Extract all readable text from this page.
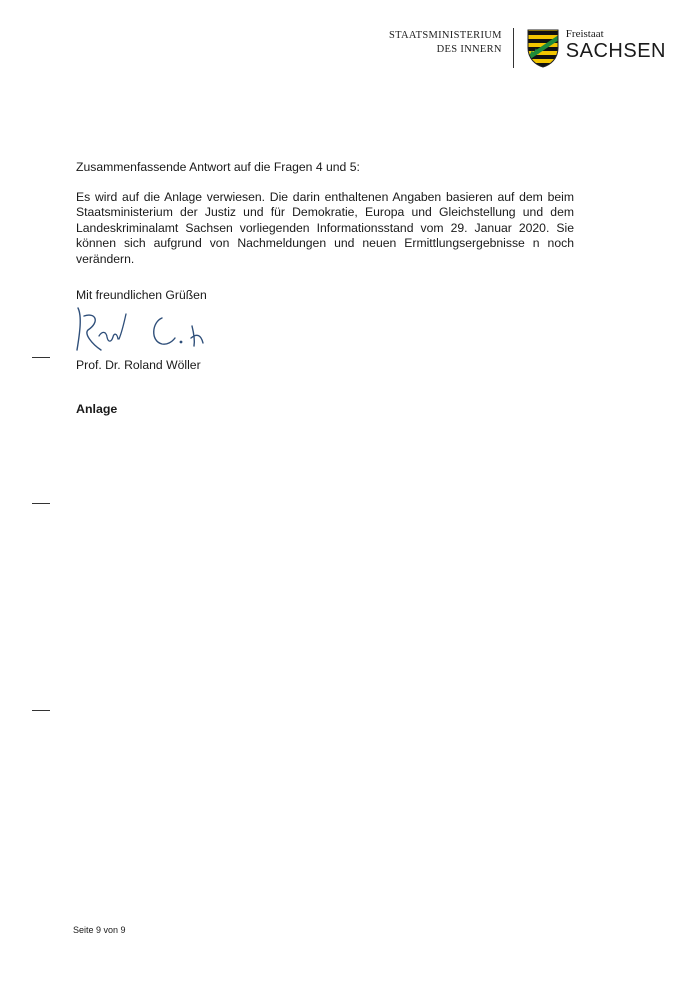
STAATSMINISTERIUM
DES INNERN
Freistaat
SACHSEN

Zusammenfassende Antwort auf die Fragen 4 und 5:

Es wird auf die Anlage verwiesen. Die darin enthaltenen Angaben basieren auf dem beim Staatsministerium der Justiz und für Demokratie, Europa und Gleichstellung und dem Landeskriminalamt Sachsen vorliegenden Informationsstand vom 29. Januar 2020. Sie können sich aufgrund von Nachmeldungen und neuen Ermittlungsergebnisse n noch verändern.

Mit freundlichen Grüßen

Prof. Dr. Roland Wöller
Anlage
Seite 9 von 9
